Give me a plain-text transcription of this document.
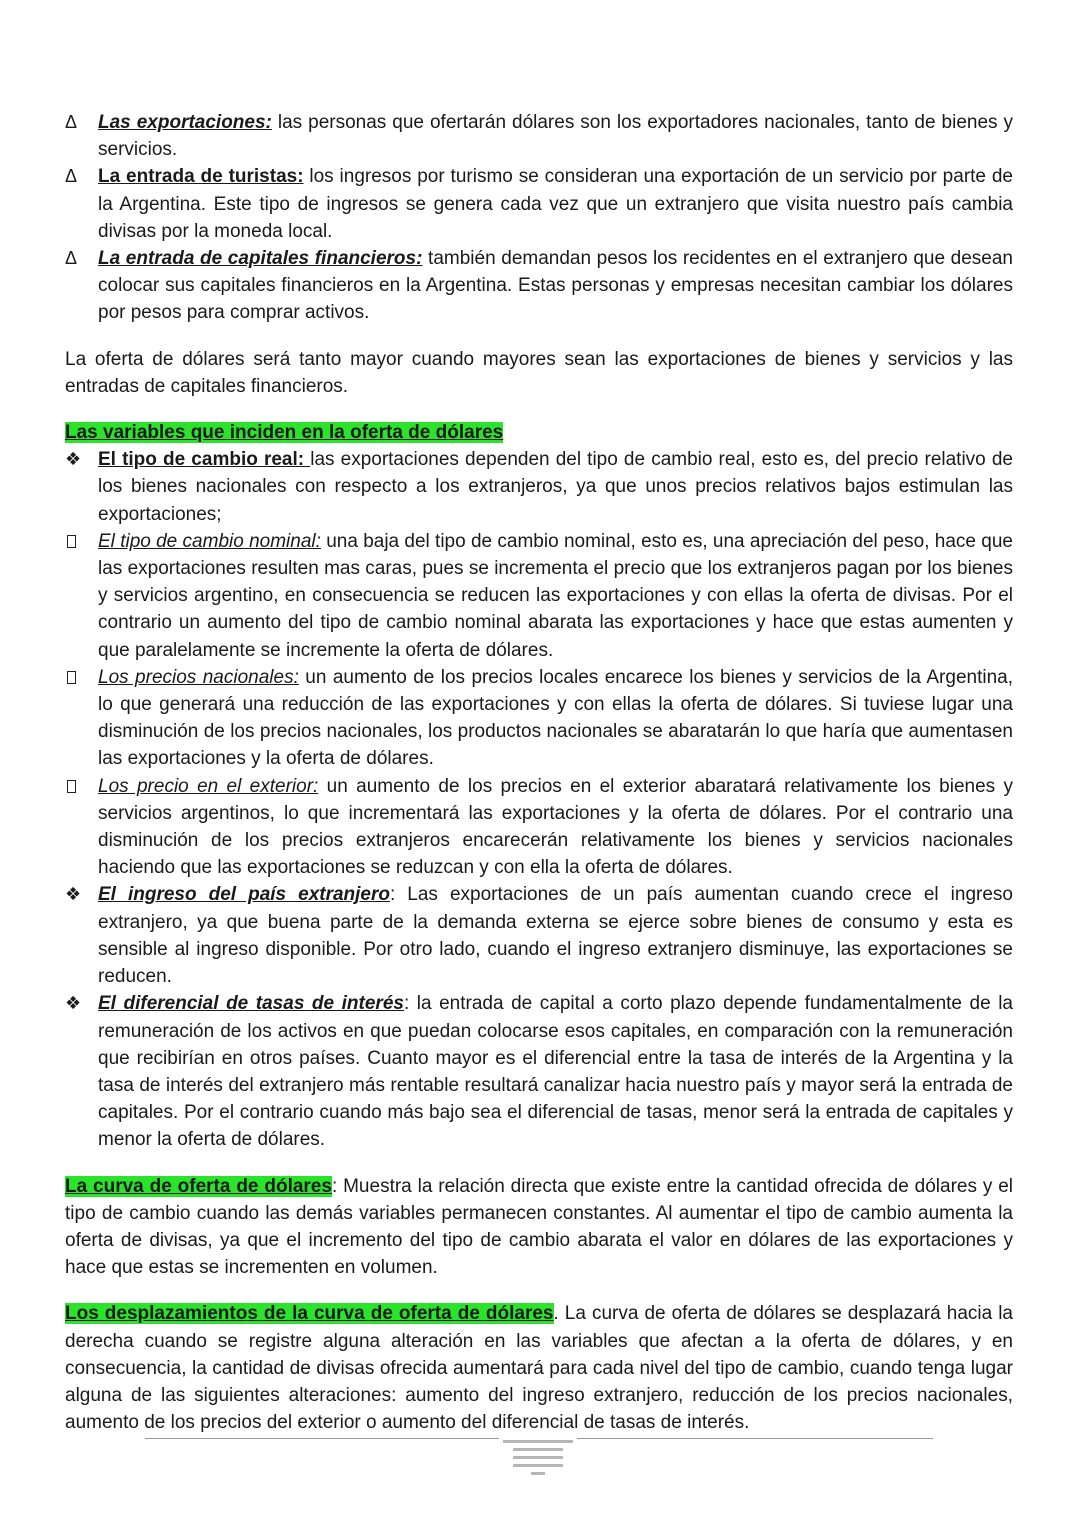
Δ	Las exportaciones: las personas que ofertarán dólares son los exportadores nacionales, tanto de bienes y servicios.
Δ	La entrada de turistas: los ingresos por turismo se consideran una exportación de un servicio por parte de la Argentina. Este tipo de ingresos se genera cada vez que un extranjero que visita nuestro país cambia divisas por la moneda local.
Δ	La entrada de capitales financieros: también demandan pesos los recidentes en el extranjero que desean colocar sus capitales financieros en la Argentina. Estas personas y empresas necesitan cambiar los dólares por pesos para comprar activos.

La oferta de dólares será tanto mayor cuando mayores sean las exportaciones de bienes y servicios y las entradas de capitales financieros.

Las variables que inciden en la oferta de dólares

❖ El tipo de cambio real: las exportaciones dependen del tipo de cambio real, esto es, del precio relativo de los bienes nacionales con respecto a los extranjeros, ya que unos precios relativos bajos estimulan las exportaciones;
El tipo de cambio nominal: una baja del tipo de cambio nominal, esto es, una apreciación del peso, hace que las exportaciones resulten mas caras, pues se incrementa el precio que los extranjeros pagan por los bienes y servicios argentino, en consecuencia se reducen las exportaciones y con ellas la oferta de divisas. Por el contrario un aumento del tipo de cambio nominal abarata las exportaciones y hace que estas aumenten y que paralelamente se incremente la oferta de dólares.
Los precios nacionales: un aumento de los precios locales encarece los bienes y servicios de la Argentina, lo que generará una reducción de las exportaciones y con ellas la oferta de dólares. Si tuviese lugar una disminución de los precios nacionales, los productos nacionales se abaratarán lo que haría que aumentasen las exportaciones y la oferta de dólares.
Los precio en el exterior: un aumento de los precios en el exterior abaratará relativamente los bienes y servicios argentinos, lo que incrementará las exportaciones y la oferta de dólares. Por el contrario una disminución de los precios extranjeros encarecerán relativamente los bienes y servicios nacionales haciendo que las exportaciones se reduzcan y con ella la oferta de dólares.
❖ El ingreso del país extranjero: Las exportaciones de un país aumentan cuando crece el ingreso extranjero, ya que buena parte de la demanda externa se ejerce sobre bienes de consumo y esta es sensible al ingreso disponible. Por otro lado, cuando el ingreso extranjero disminuye, las exportaciones se reducen.
❖ El diferencial de tasas de interés: la entrada de capital a corto plazo depende fundamentalmente de la remuneración de los activos en que puedan colocarse esos capitales, en comparación con la remuneración que recibirían en otros países. Cuanto mayor es el diferencial entre la tasa de interés de la Argentina y la tasa de interés del extranjero más rentable resultará canalizar hacia nuestro país y mayor será la entrada de capitales. Por el contrario cuando más bajo sea el diferencial de tasas, menor será la entrada de capitales y menor la oferta de dólares.

La curva de oferta de dólares: Muestra la relación directa que existe entre la cantidad ofrecida de dólares y el tipo de cambio cuando las demás variables permanecen constantes. Al aumentar el tipo de cambio aumenta la oferta de divisas, ya que el incremento del tipo de cambio abarata el valor en dólares de las exportaciones y hace que estas se incrementen en volumen.

Los desplazamientos de la curva de oferta de dólares. La curva de oferta de dólares se desplazará hacia la derecha cuando se registre alguna alteración en las variables que afectan a la oferta de dólares, y en consecuencia, la cantidad de divisas ofrecida aumentará para cada nivel del tipo de cambio, cuando tenga lugar alguna de las siguientes alteraciones: aumento del ingreso extranjero, reducción de los precios nacionales, aumento de los precios del exterior o aumento del diferencial de tasas de interés.
